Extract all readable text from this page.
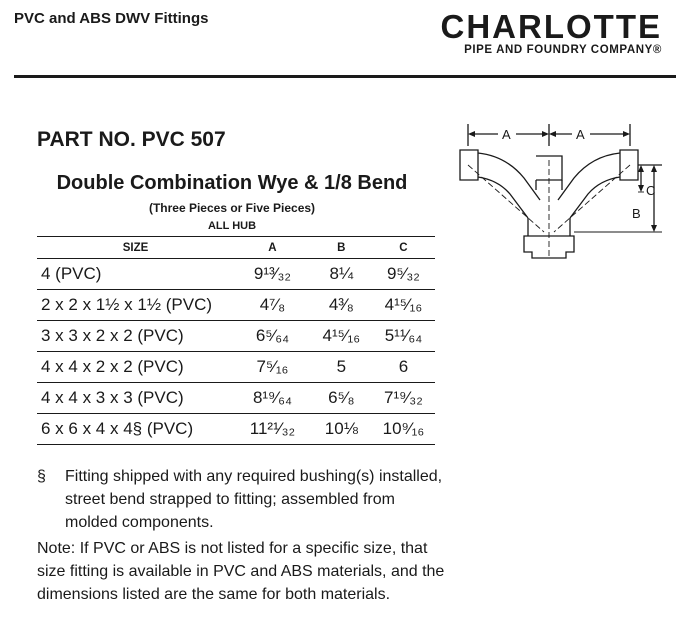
PVC and ABS DWV Fittings	CHARLOTTE
PIPE AND FOUNDRY COMPANY®
PART NO. PVC 507
Double Combination Wye & 1/8 Bend
(Three Pieces or Five Pieces)
ALL HUB
SIZE	A	B	C
4 (PVC)	9¹³⁄₃₂	8¼	9⁵⁄₃₂
2 x 2 x 1½ x 1½ (PVC)	4⁷⁄₈	4³⁄₈	4¹⁵⁄₁₆
3 x 3 x 2 x 2 (PVC)	6⁵⁄₆₄	4¹⁵⁄₁₆	5¹¹⁄₆₄
4 x 4 x 2 x 2 (PVC)	7⁵⁄₁₆	5	6
4 x 4 x 3 x 3 (PVC)	8¹⁹⁄₆₄	6⁵⁄₈	7¹⁹⁄₃₂
6 x 6 x 4 x 4§ (PVC)	11²¹⁄₃₂	10⅛	10⁹⁄₁₆
A	A
B
C
§ Fitting shipped with any required bushing(s) installed,
street bend strapped to fitting; assembled from
molded components.
Note: If PVC or ABS is not listed for a specific size, that
size fitting is available in PVC and ABS materials, and the
dimensions listed are the same for both materials.
